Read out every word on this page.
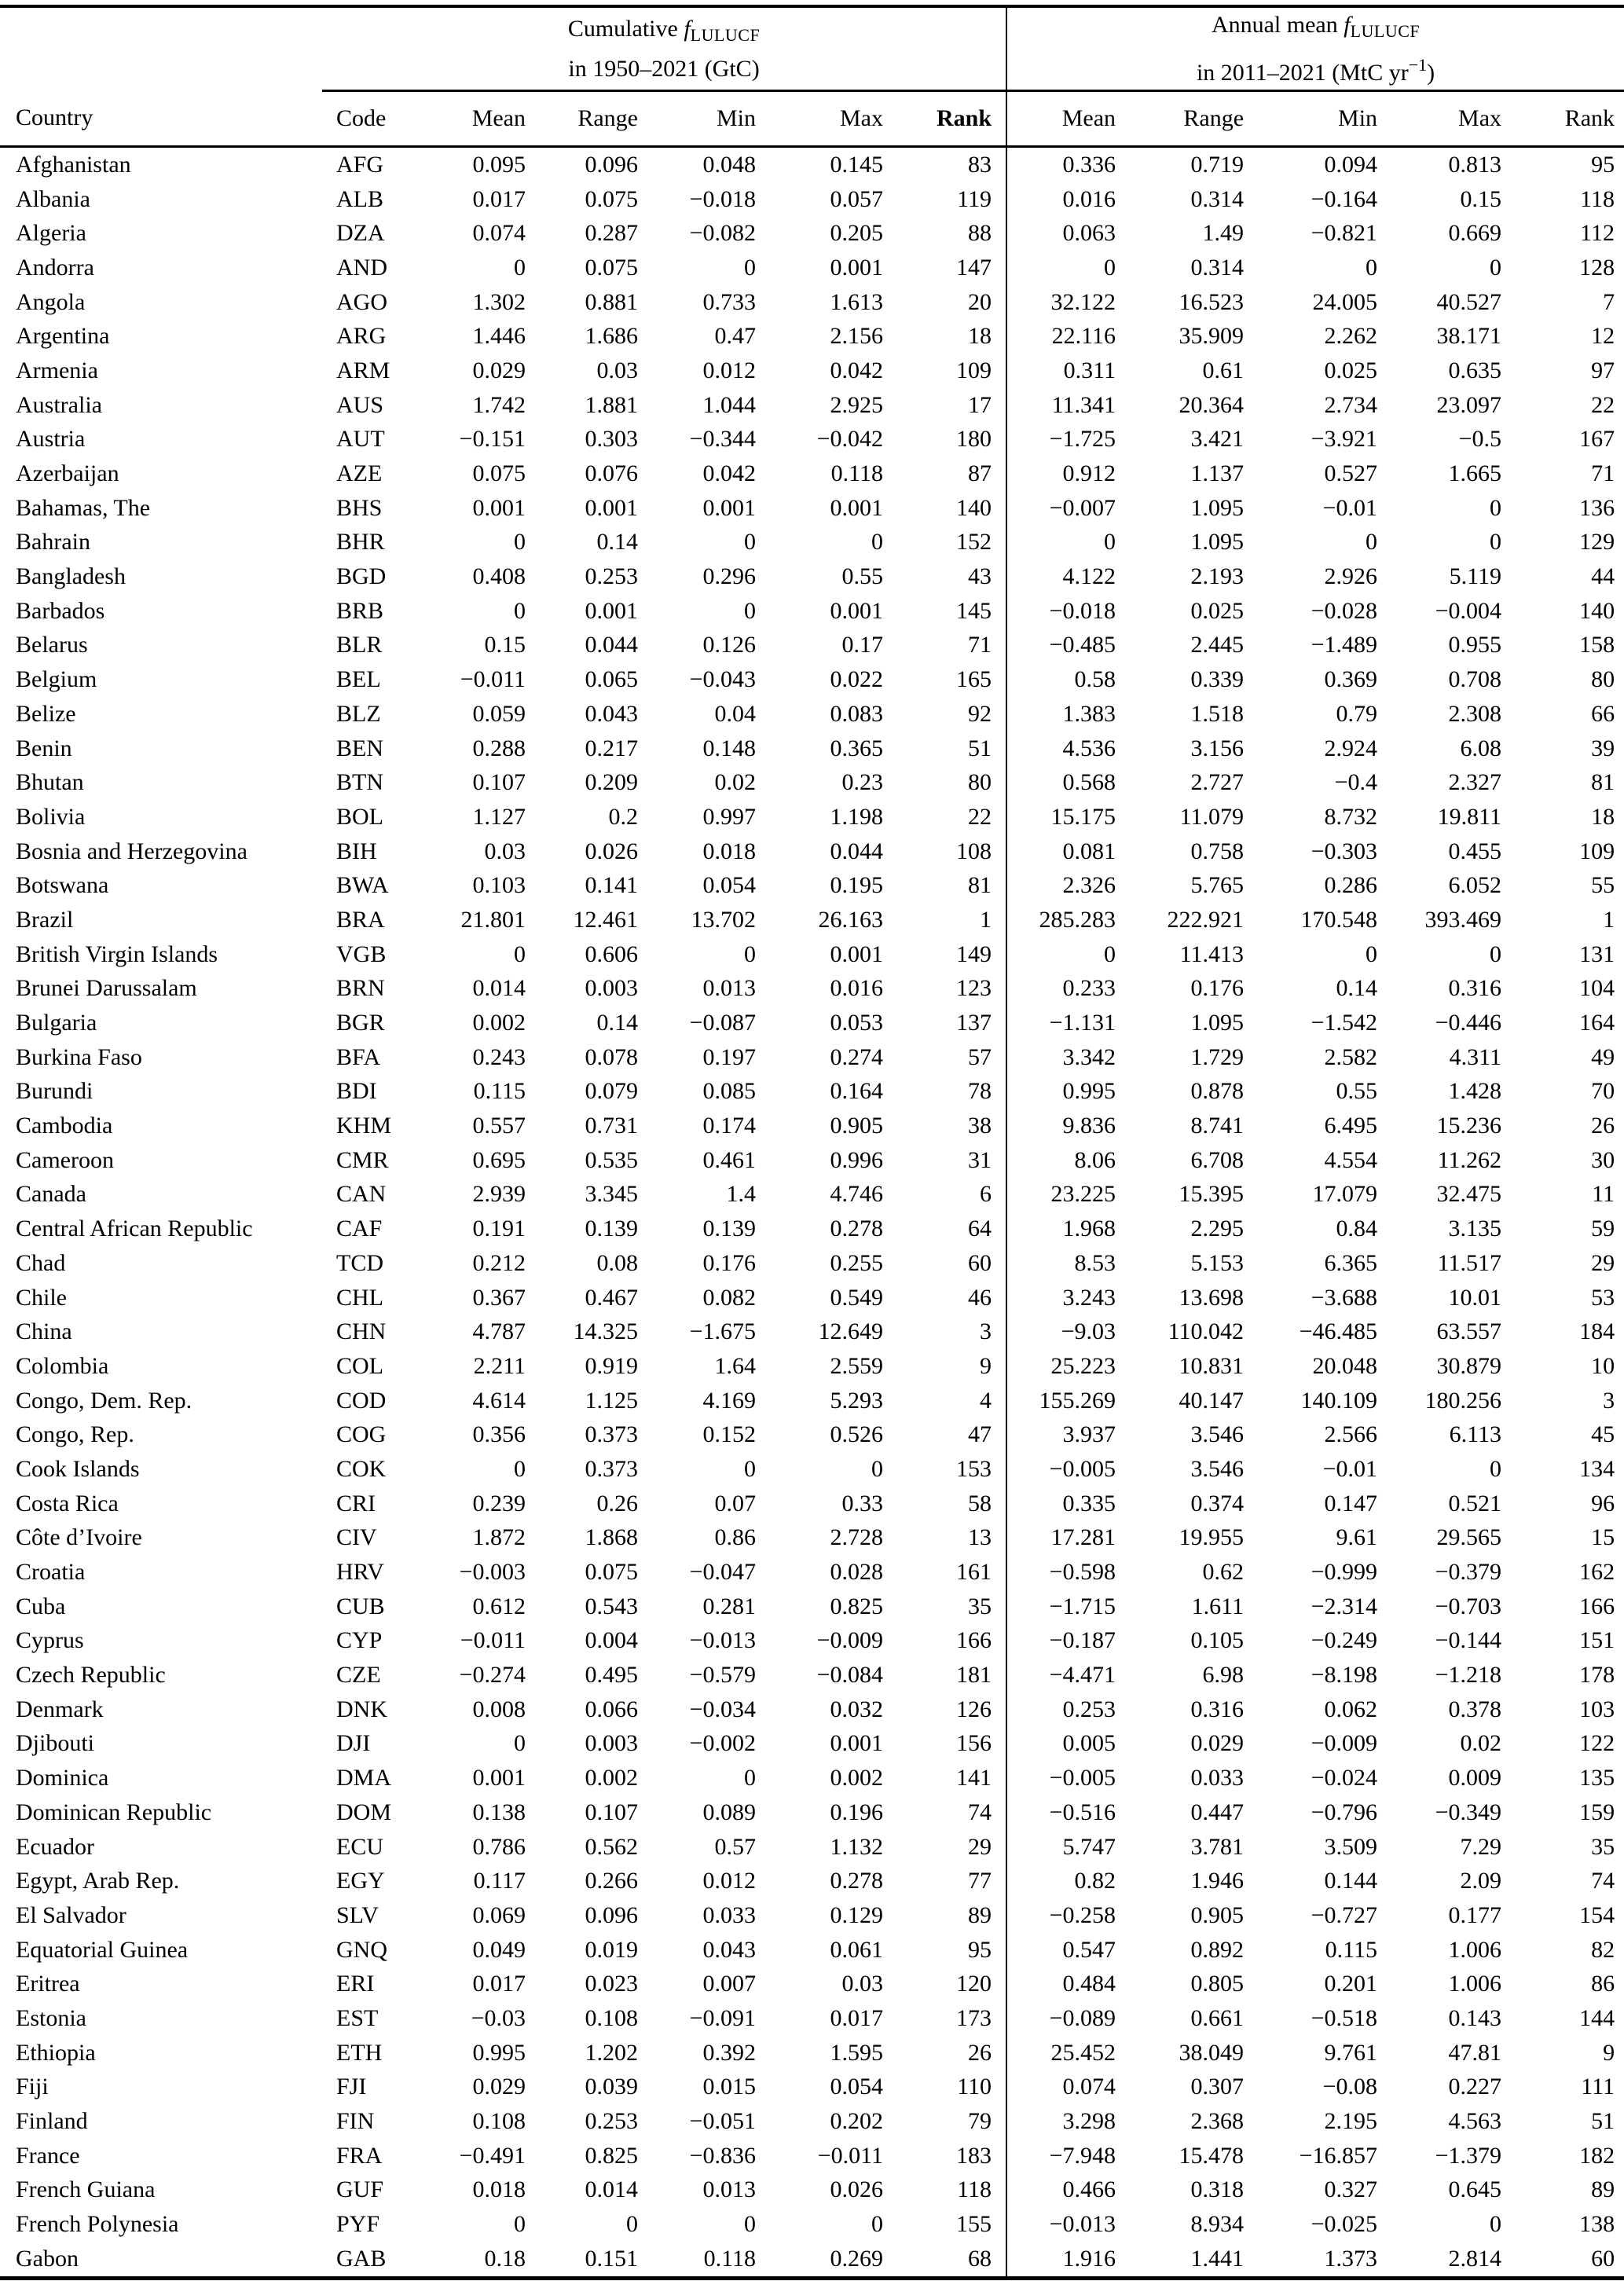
	Cumulative $f_{LULUCF}$
in 1950–2021 (GtC)						Annual mean $f_{LULUCF}$
in 2011–2021 (MtC $yr^{-1}$)				

Country	Code	Mean	Range	Min	Max	Rank	Mean	Range	Min	Max	Rank
Afghanistan	AFG	0.095	0.096	0.048	0.145	83	0.336	0.719	0.094	0.813	95
Albania	ALB	0.017	0.075	−0.018	0.057	119	0.016	0.314	−0.164	0.15	118
Algeria	DZA	0.074	0.287	−0.082	0.205	88	0.063	1.49	−0.821	0.669	112
Andorra	AND	0	0.075	0	0.001	147	0	0.314	0	0	128
Angola	AGO	1.302	0.881	0.733	1.613	20	32.122	16.523	24.005	40.527	7
Argentina	ARG	1.446	1.686	0.47	2.156	18	22.116	35.909	2.262	38.171	12
Armenia	ARM	0.029	0.03	0.012	0.042	109	0.311	0.61	0.025	0.635	97
Australia	AUS	1.742	1.881	1.044	2.925	17	11.341	20.364	2.734	23.097	22
Austria	AUT	−0.151	0.303	−0.344	−0.042	180	−1.725	3.421	−3.921	−0.5	167
Azerbaijan	AZE	0.075	0.076	0.042	0.118	87	0.912	1.137	0.527	1.665	71
Bahamas, The	BHS	0.001	0.001	0.001	0.001	140	−0.007	1.095	−0.01	0	136
Bahrain	BHR	0	0.14	0	0	152	0	1.095	0	0	129
Bangladesh	BGD	0.408	0.253	0.296	0.55	43	4.122	2.193	2.926	5.119	44
Barbados	BRB	0	0.001	0	0.001	145	−0.018	0.025	−0.028	−0.004	140
Belarus	BLR	0.15	0.044	0.126	0.17	71	−0.485	2.445	−1.489	0.955	158
Belgium	BEL	−0.011	0.065	−0.043	0.022	165	0.58	0.339	0.369	0.708	80
Belize	BLZ	0.059	0.043	0.04	0.083	92	1.383	1.518	0.79	2.308	66
Benin	BEN	0.288	0.217	0.148	0.365	51	4.536	3.156	2.924	6.08	39
Bhutan	BTN	0.107	0.209	0.02	0.23	80	0.568	2.727	−0.4	2.327	81
Bolivia	BOL	1.127	0.2	0.997	1.198	22	15.175	11.079	8.732	19.811	18
Bosnia and Herzegovina	BIH	0.03	0.026	0.018	0.044	108	0.081	0.758	−0.303	0.455	109
Botswana	BWA	0.103	0.141	0.054	0.195	81	2.326	5.765	0.286	6.052	55
Brazil	BRA	21.801	12.461	13.702	26.163	1	285.283	222.921	170.548	393.469	1
British Virgin Islands	VGB	0	0.606	0	0.001	149	0	11.413	0	0	131
Brunei Darussalam	BRN	0.014	0.003	0.013	0.016	123	0.233	0.176	0.14	0.316	104
Bulgaria	BGR	0.002	0.14	−0.087	0.053	137	−1.131	1.095	−1.542	−0.446	164
Burkina Faso	BFA	0.243	0.078	0.197	0.274	57	3.342	1.729	2.582	4.311	49
Burundi	BDI	0.115	0.079	0.085	0.164	78	0.995	0.878	0.55	1.428	70
Cambodia	KHM	0.557	0.731	0.174	0.905	38	9.836	8.741	6.495	15.236	26
Cameroon	CMR	0.695	0.535	0.461	0.996	31	8.06	6.708	4.554	11.262	30
Canada	CAN	2.939	3.345	1.4	4.746	6	23.225	15.395	17.079	32.475	11
Central African Republic	CAF	0.191	0.139	0.139	0.278	64	1.968	2.295	0.84	3.135	59
Chad	TCD	0.212	0.08	0.176	0.255	60	8.53	5.153	6.365	11.517	29
Chile	CHL	0.367	0.467	0.082	0.549	46	3.243	13.698	−3.688	10.01	53
China	CHN	4.787	14.325	−1.675	12.649	3	−9.03	110.042	−46.485	63.557	184
Colombia	COL	2.211	0.919	1.64	2.559	9	25.223	10.831	20.048	30.879	10
Congo, Dem. Rep.	COD	4.614	1.125	4.169	5.293	4	155.269	40.147	140.109	180.256	3
Congo, Rep.	COG	0.356	0.373	0.152	0.526	47	3.937	3.546	2.566	6.113	45
Cook Islands	COK	0	0.373	0	0	153	−0.005	3.546	−0.01	0	134
Costa Rica	CRI	0.239	0.26	0.07	0.33	58	0.335	0.374	0.147	0.521	96
Côte d’Ivoire	CIV	1.872	1.868	0.86	2.728	13	17.281	19.955	9.61	29.565	15
Croatia	HRV	−0.003	0.075	−0.047	0.028	161	−0.598	0.62	−0.999	−0.379	162
Cuba	CUB	0.612	0.543	0.281	0.825	35	−1.715	1.611	−2.314	−0.703	166
Cyprus	CYP	−0.011	0.004	−0.013	−0.009	166	−0.187	0.105	−0.249	−0.144	151
Czech Republic	CZE	−0.274	0.495	−0.579	−0.084	181	−4.471	6.98	−8.198	−1.218	178
Denmark	DNK	0.008	0.066	−0.034	0.032	126	0.253	0.316	0.062	0.378	103
Djibouti	DJI	0	0.003	−0.002	0.001	156	0.005	0.029	−0.009	0.02	122
Dominica	DMA	0.001	0.002	0	0.002	141	−0.005	0.033	−0.024	0.009	135
Dominican Republic	DOM	0.138	0.107	0.089	0.196	74	−0.516	0.447	−0.796	−0.349	159
Ecuador	ECU	0.786	0.562	0.57	1.132	29	5.747	3.781	3.509	7.29	35
Egypt, Arab Rep.	EGY	0.117	0.266	0.012	0.278	77	0.82	1.946	0.144	2.09	74
El Salvador	SLV	0.069	0.096	0.033	0.129	89	−0.258	0.905	−0.727	0.177	154
Equatorial Guinea	GNQ	0.049	0.019	0.043	0.061	95	0.547	0.892	0.115	1.006	82
Eritrea	ERI	0.017	0.023	0.007	0.03	120	0.484	0.805	0.201	1.006	86
Estonia	EST	−0.03	0.108	−0.091	0.017	173	−0.089	0.661	−0.518	0.143	144
Ethiopia	ETH	0.995	1.202	0.392	1.595	26	25.452	38.049	9.761	47.81	9
Fiji	FJI	0.029	0.039	0.015	0.054	110	0.074	0.307	−0.08	0.227	111
Finland	FIN	0.108	0.253	−0.051	0.202	79	3.298	2.368	2.195	4.563	51
France	FRA	−0.491	0.825	−0.836	−0.011	183	−7.948	15.478	−16.857	−1.379	182
French Guiana	GUF	0.018	0.014	0.013	0.026	118	0.466	0.318	0.327	0.645	89
French Polynesia	PYF	0	0	0	0	155	−0.013	8.934	−0.025	0	138
Gabon	GAB	0.18	0.151	0.118	0.269	68	1.916	1.441	1.373	2.814	60
